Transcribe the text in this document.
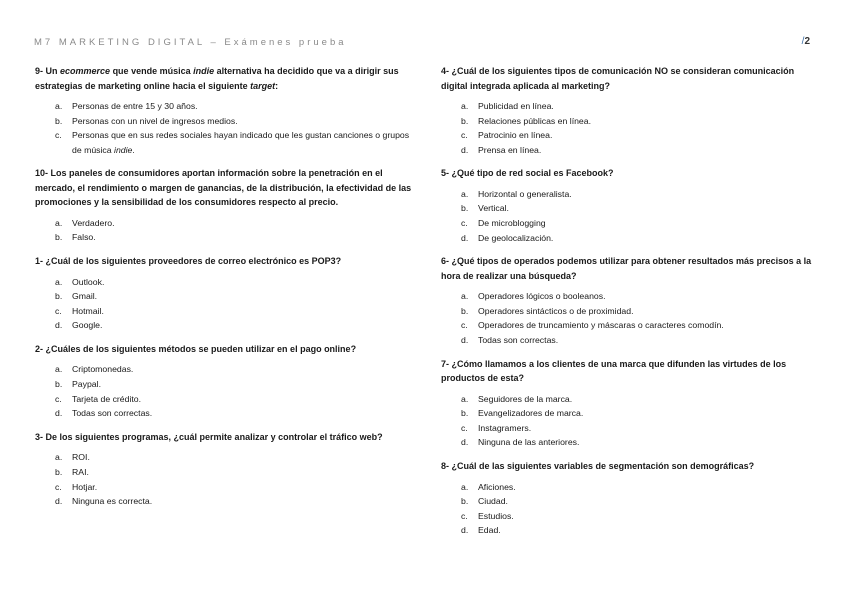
M7 MARKETING DIGITAL – Exámenes prueba	/2

9- Un ecommerce que vende música indie alternativa ha decidido que va a dirigir sus estrategias de marketing online hacia el siguiente target:

a.	Personas de entre 15 y 30 años.
b.	Personas con un nivel de ingresos medios.
c.	Personas que en sus redes sociales hayan indicado que les gustan canciones o grupos de música indie.

10- Los paneles de consumidores aportan información sobre la penetración en el mercado, el rendimiento o margen de ganancias, de la distribución, la efectividad de las promociones y la sensibilidad de los consumidores respecto al precio.

a.	Verdadero.
b.	Falso.

1- ¿Cuál de los siguientes proveedores de correo electrónico es POP3?

a.	Outlook.
b.	Gmail.
c.	Hotmail.
d.	Google.

2- ¿Cuáles de los siguientes métodos se pueden utilizar en el pago online?

a.	Criptomonedas.
b.	Paypal.
c.	Tarjeta de crédito.
d.	Todas son correctas.

3- De los siguientes programas, ¿cuál permite analizar y controlar el tráfico web?

a.	ROI.
b.	RAI.
c.	Hotjar.
d.	Ninguna es correcta.

4- ¿Cuál de los siguientes tipos de comunicación NO se consideran comunicación digital integrada aplicada al marketing?

a.	Publicidad en línea.
b.	Relaciones públicas en línea.
c.	Patrocinio en línea.
d.	Prensa en línea.

5- ¿Qué tipo de red social es Facebook?

a.	Horizontal o generalista.
b.	Vertical.
c.	De microblogging
d.	De geolocalización.

6- ¿Qué tipos de operados podemos utilizar para obtener resultados más precisos a la hora de realizar una búsqueda?

a.	Operadores lógicos o booleanos.
b.	Operadores sintácticos o de proximidad.
c.	Operadores de truncamiento y máscaras o caracteres comodín.
d.	Todas son correctas.

7- ¿Cómo llamamos a los clientes de una marca que difunden las virtudes de los productos de esta?

a.	Seguidores de la marca.
b.	Evangelizadores de marca.
c.	Instagramers.
d.	Ninguna de las anteriores.

8- ¿Cuál de las siguientes variables de segmentación son demográficas?

a.	Aficiones.
b.	Ciudad.
c.	Estudios.
d.	Edad.
